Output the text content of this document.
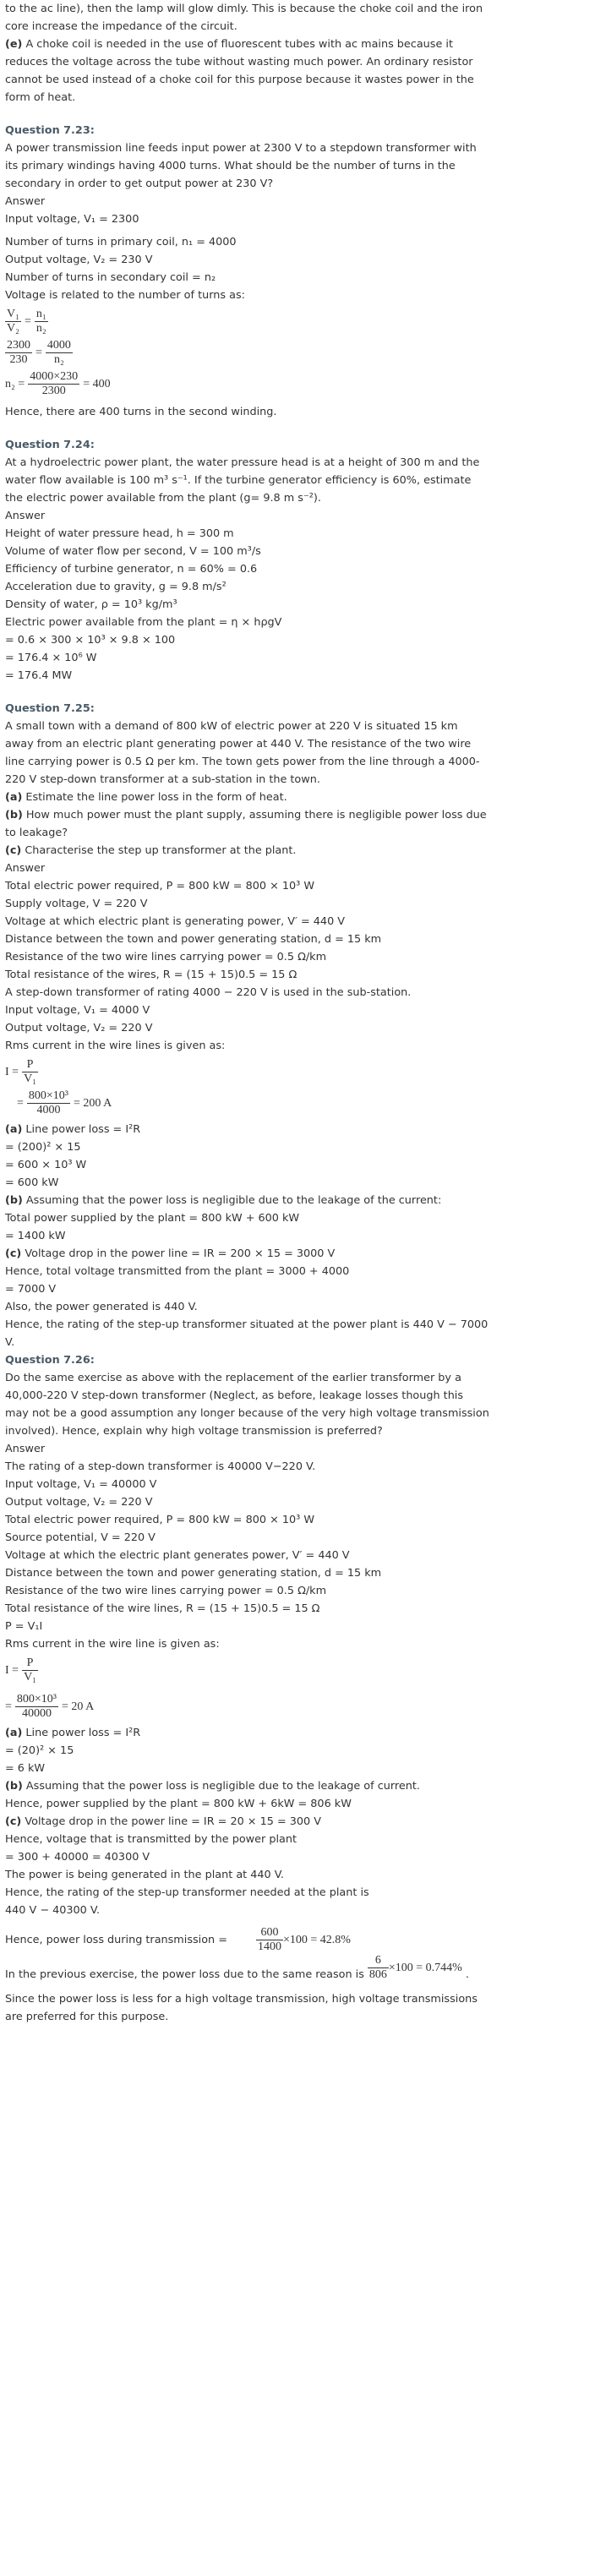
to the ac line), then the lamp will glow dimly. This is because the choke coil and the iron
core increase the impedance of the circuit.
(e) A choke coil is needed in the use of fluorescent tubes with ac mains because it
reduces the voltage across the tube without wasting much power. An ordinary resistor
cannot be used instead of a choke coil for this purpose because it wastes power in the
form of heat.
Question 7.23:
A power transmission line feeds input power at 2300 V to a stepdown transformer with
its primary windings having 4000 turns. What should be the number of turns in the
secondary in order to get output power at 230 V?
Answer
Input voltage, V₁ = 2300
Number of turns in primary coil, n₁ = 4000
Output voltage, V₂ = 230 V
Number of turns in secondary coil = n₂
Voltage is related to the number of turns as:
$\frac{\text{V₁}}{\text{V₂}} = \frac{\text{n₁}}{\text{n₂}}$
$\frac{2300}{230} = \frac{4000}{\text{n₂}}$
$n_2 = \frac{4000\times 230}{2300} = 400$
Hence, there are 400 turns in the second winding.
Question 7.24:
At a hydroelectric power plant, the water pressure head is at a height of 300 m and the
water flow available is 100 m³ s⁻¹. If the turbine generator efficiency is 60%, estimate
the electric power available from the plant (g= 9.8 m s⁻²).
Answer
Height of water pressure head, h = 300 m
Volume of water flow per second, V = 100 m³/s
Efficiency of turbine generator, n = 60% = 0.6
Acceleration due to gravity, g = 9.8 m/s²
Density of water, ρ = 10³ kg/m³
Electric power available from the plant = η × hρgV
= 0.6 × 300 × 10³ × 9.8 × 100
= 176.4 × 10⁶ W
= 176.4 MW
Question 7.25:
A small town with a demand of 800 kW of electric power at 220 V is situated 15 km
away from an electric plant generating power at 440 V. The resistance of the two wire
line carrying power is 0.5 Ω per km. The town gets power from the line through a 4000-
220 V step-down transformer at a sub-station in the town.
(a) Estimate the line power loss in the form of heat.
(b) How much power must the plant supply, assuming there is negligible power loss due
to leakage?
(c) Characterise the step up transformer at the plant.
Answer
Total electric power required, P = 800 kW = 800 × 10³ W
Supply voltage, V = 220 V
Voltage at which electric plant is generating power, V′ = 440 V
Distance between the town and power generating station, d = 15 km
Resistance of the two wire lines carrying power = 0.5 Ω/km
Total resistance of the wires, R = (15 + 15)0.5 = 15 Ω
A step-down transformer of rating 4000 − 220 V is used in the sub-station.
Input voltage, V₁ = 4000 V
Output voltage, V₂ = 220 V
Rms current in the wire lines is given as:
$I = \frac{P}{\text{V₁}}$
= $\frac{\text{800×10³}}{4000} = 200$ A
(a) Line power loss = I²R
= (200)² × 15
= 600 × 10³ W
= 600 kW
(b) Assuming that the power loss is negligible due to the leakage of the current:
Total power supplied by the plant = 800 kW + 600 kW
= 1400 kW
(c) Voltage drop in the power line = IR = 200 × 15 = 3000 V
Hence, total voltage transmitted from the plant = 3000 + 4000
= 7000 V
Also, the power generated is 440 V.
Hence, the rating of the step-up transformer situated at the power plant is 440 V − 7000
V.
Question 7.26:
Do the same exercise as above with the replacement of the earlier transformer by a
40,000-220 V step-down transformer (Neglect, as before, leakage losses though this
may not be a good assumption any longer because of the very high voltage transmission
involved). Hence, explain why high voltage transmission is preferred?
Answer
The rating of a step-down transformer is 40000 V−220 V.
Input voltage, V₁ = 40000 V
Output voltage, V₂ = 220 V
Total electric power required, P = 800 kW = 800 × 10³ W
Source potential, V = 220 V
Voltage at which the electric plant generates power, V′ = 440 V
Distance between the town and power generating station, d = 15 km
Resistance of the two wire lines carrying power = 0.5 Ω/km
Total resistance of the wire lines, R = (15 + 15)0.5 = 15 Ω
P = V₁I
Rms current in the wire line is given as:
$I = \frac{P}{\text{V₁}}$
= $\frac{\text{800×10³}}{40000} = 20$ A
(a) Line power loss = I²R
= (20)² × 15
= 6 kW
(b) Assuming that the power loss is negligible due to the leakage of current.
Hence, power supplied by the plant = 800 kW + 6kW = 806 kW
(c) Voltage drop in the power line = IR = 20 × 15 = 300 V
Hence, voltage that is transmitted by the power plant
= 300 + 40000 = 40300 V
The power is being generated in the plant at 440 V.
Hence, the rating of the step-up transformer needed at the plant is
440 V − 40300 V.
Hence, power loss during transmission = $\frac{600}{1400} \times 100 = 42.8\%$
In the previous exercise, the power loss due to the same reason is $\frac{6}{806} \times 100 = 0.744\%$
.
Since the power loss is less for a high voltage transmission, high voltage transmissions
are preferred for this purpose.
